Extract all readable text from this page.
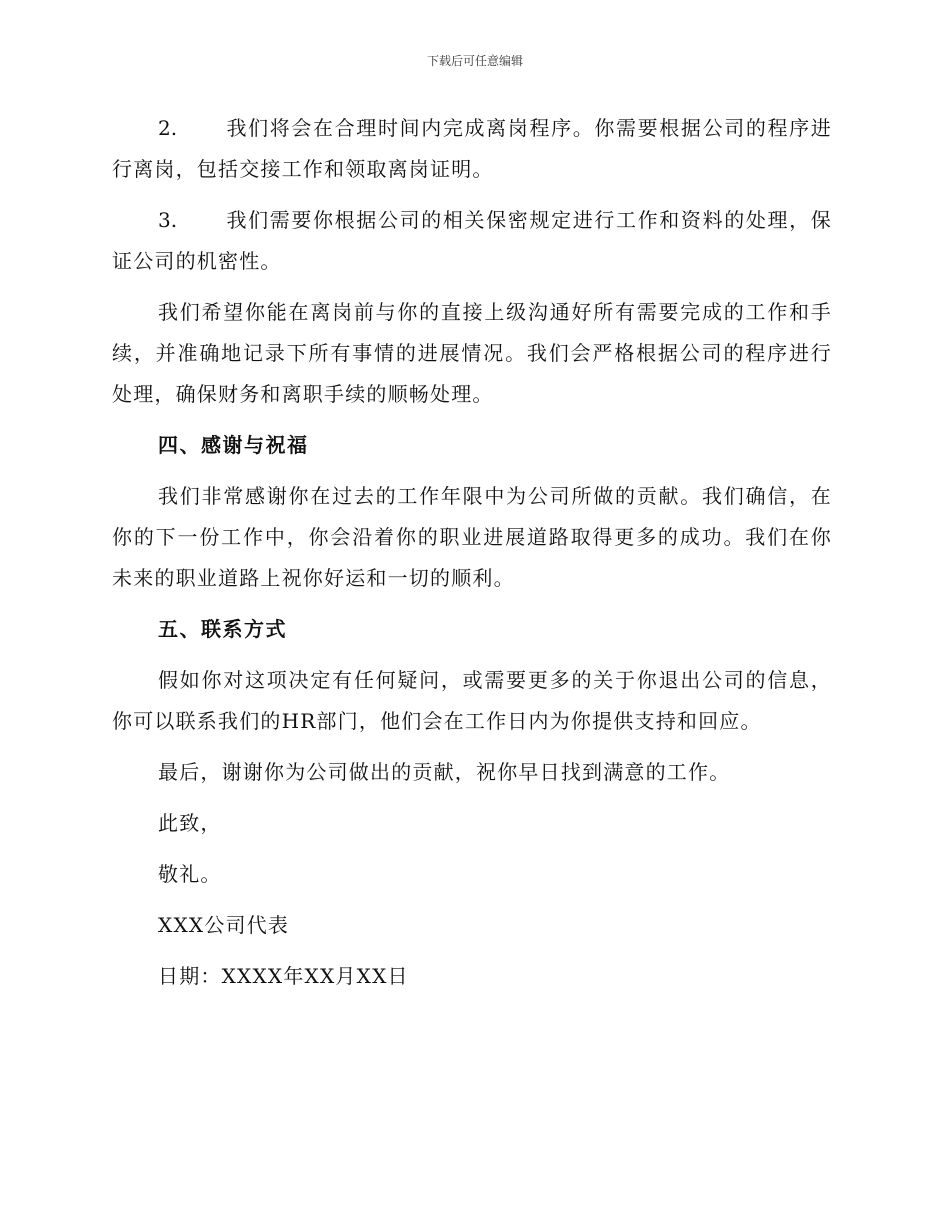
下载后可任意编辑

2. 我们将会在合理时间内完成离岗程序。你需要根据公司的程序进行离岗，包括交接工作和领取离岗证明。

3. 我们需要你根据公司的相关保密规定进行工作和资料的处理，保证公司的机密性。

我们希望你能在离岗前与你的直接上级沟通好所有需要完成的工作和手续，并准确地记录下所有事情的进展情况。我们会严格根据公司的程序进行处理，确保财务和离职手续的顺畅处理。

四、感谢与祝福

我们非常感谢你在过去的工作年限中为公司所做的贡献。我们确信，在你的下一份工作中，你会沿着你的职业进展道路取得更多的成功。我们在你未来的职业道路上祝你好运和一切的顺利。

五、联系方式

假如你对这项决定有任何疑问，或需要更多的关于你退出公司的信息，你可以联系我们的HR部门，他们会在工作日内为你提供支持和回应。

最后，谢谢你为公司做出的贡献，祝你早日找到满意的工作。

此致，

敬礼。

XXX公司代表

日期：XXXX年XX月XX日
